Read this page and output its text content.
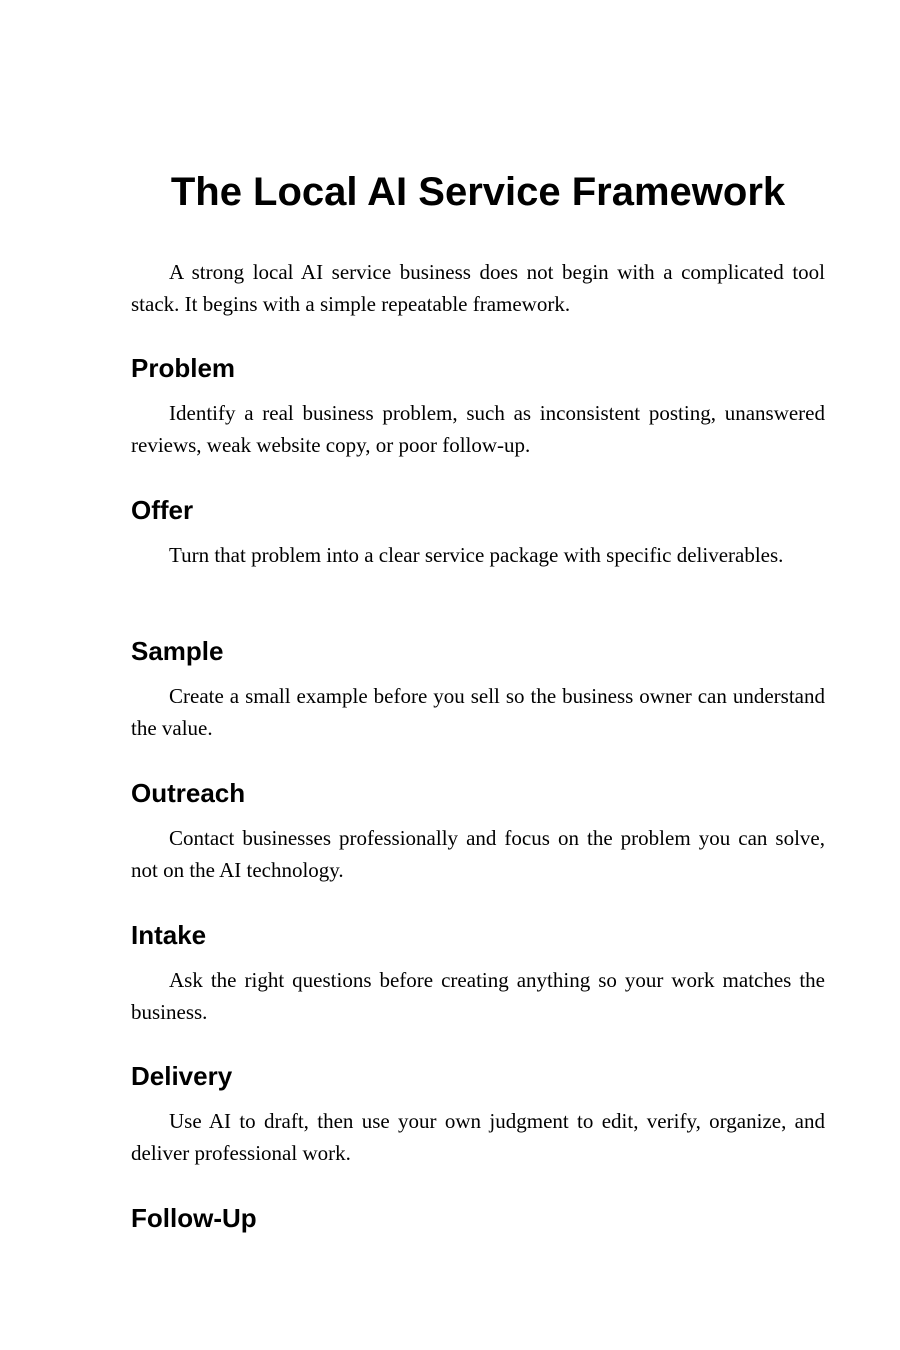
The Local AI Service Framework

A strong local AI service business does not begin with a complicated tool stack. It begins with a simple repeatable framework.

Problem

Identify a real business problem, such as inconsistent posting, unanswered reviews, weak website copy, or poor follow-up.

Offer

Turn that problem into a clear service package with specific deliverables.

Sample

Create a small example before you sell so the business owner can understand the value.

Outreach

Contact businesses professionally and focus on the problem you can solve, not on the AI technology.

Intake

Ask the right questions before creating anything so your work matches the business.

Delivery

Use AI to draft, then use your own judgment to edit, verify, organize, and deliver professional work.

Follow-Up
